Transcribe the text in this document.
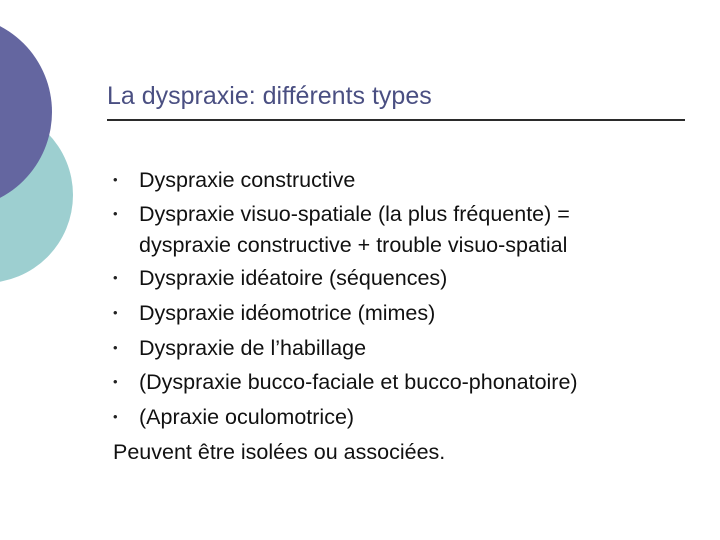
La dyspraxie: différents types
• Dyspraxie constructive
• Dyspraxie visuo-spatiale (la plus fréquente) =
dyspraxie constructive + trouble visuo-spatial
• Dyspraxie idéatoire (séquences)
• Dyspraxie idéomotrice (mimes)
• Dyspraxie de l’habillage
• (Dyspraxie bucco-faciale et bucco-phonatoire)
• (Apraxie oculomotrice)
Peuvent être isolées ou associées.
